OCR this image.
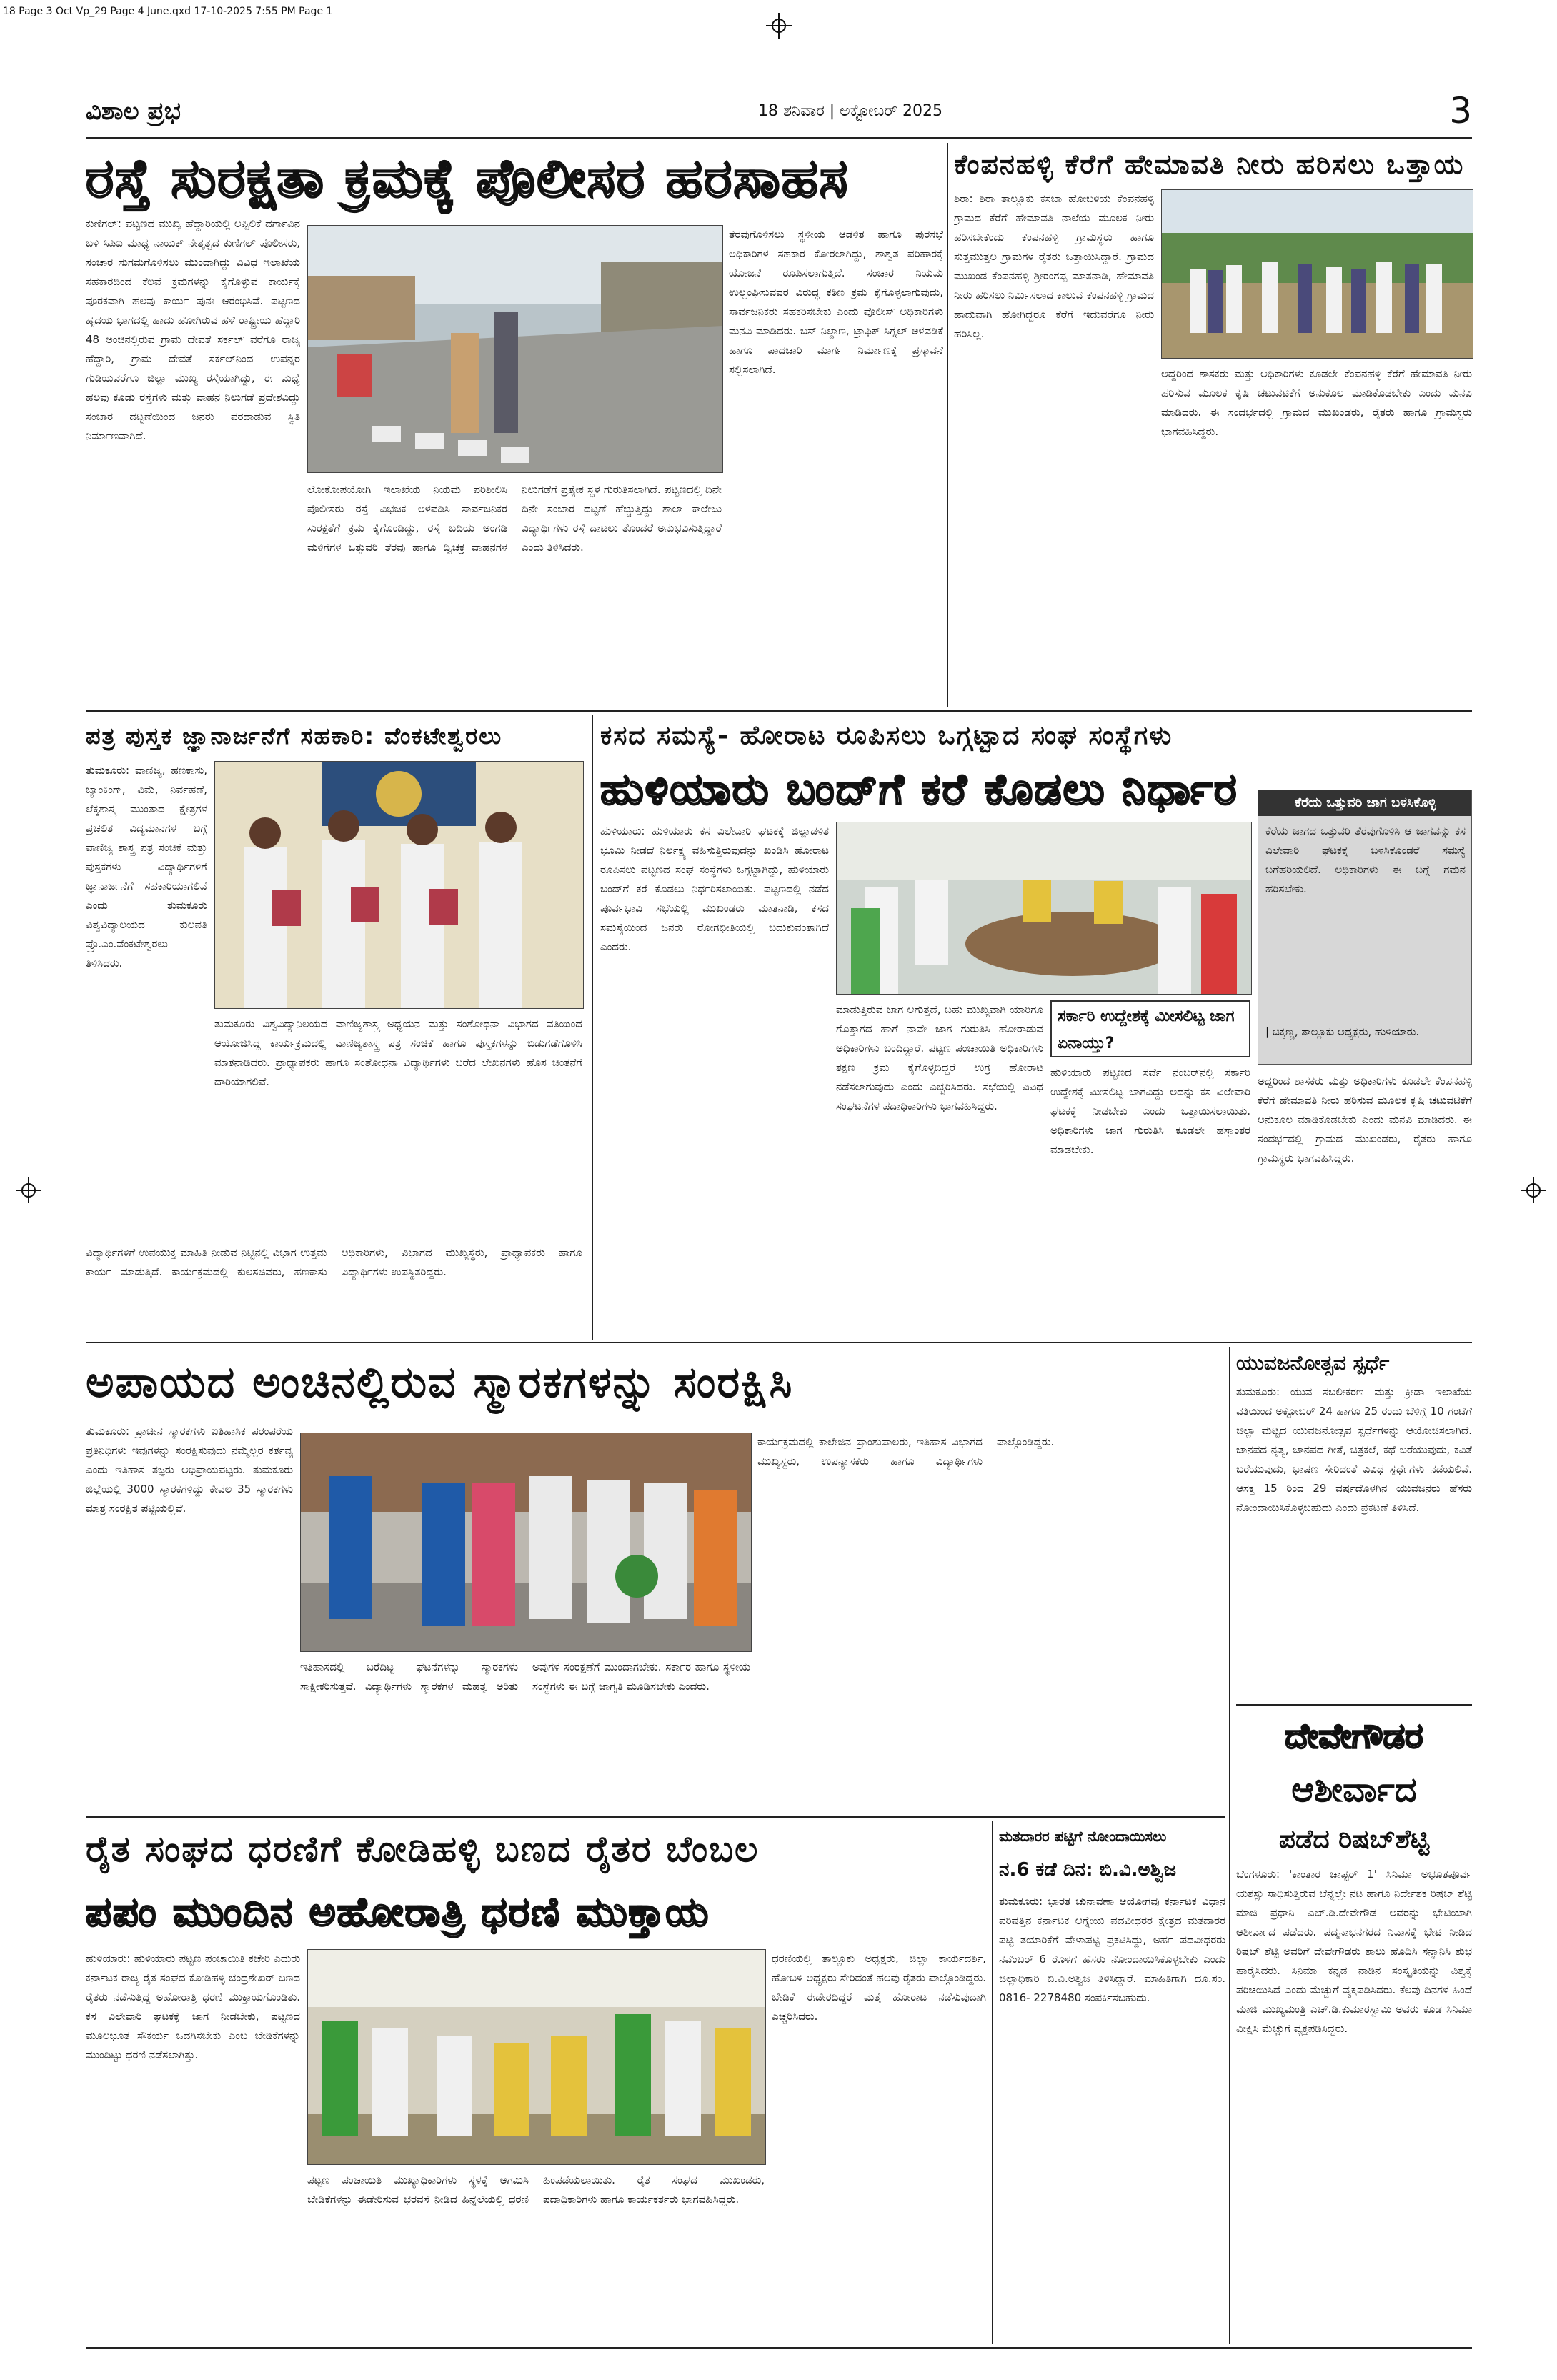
18 Page 3 Oct Vp_29 Page 4 June.qxd 17-10-2025 7:55 PM Page 1
ವಿಶಾಲ ಪ್ರಭ	18 ಶನಿವಾರ | ಅಕ್ಟೋಬರ್ 2025	3
ರಸ್ತೆ ಸುರಕ್ಷತಾ ಕ್ರಮಕ್ಕೆ ಪೊಲೀಸರ ಹರಸಾಹಸ
ಕುಣಿಗಲ್: ಪಟ್ಟಣದ ಮುಖ್ಯ ಹೆದ್ದಾರಿಯಲ್ಲಿ ಅಪ್ಪಿಲಿಕೆ ದರ್ಗಾವಿನ ಬಳಿ ಸಿಪಿಐ ಮಾಧ್ಯ ನಾಯಕ್ ನೇತೃತ್ವದ ಕುಣಿಗಲ್ ಪೊಲೀಸರು, ಸಂಚಾರ ಸುಗಮಗೊಳಿಸಲು ಮುಂದಾಗಿದ್ದು ವಿವಿಧ ಇಲಾಖೆಯ ಸಹಕಾರದಿಂದ ಕೆಲವೆ ಕ್ರಮಗಳನ್ನು ಕೈಗೊಳ್ಳುವ ಕಾರ್ಯಕ್ಕೆ ಪೂರಕವಾಗಿ ಹಲವು ಕಾರ್ಯ ಪುನಃ ಆರಂಭಿಸಿವೆ. ಪಟ್ಟಣದ ಹೃದಯ ಭಾಗದಲ್ಲಿ ಹಾದು ಹೋಗಿರುವ ಹಳೆ ರಾಷ್ಟ್ರೀಯ ಹೆದ್ದಾರಿ 48 ಅಂಚಿನಲ್ಲಿರುವ ಗ್ರಾಮ ದೇವತೆ ಸರ್ಕಲ್ ವರೆಗೂ ರಾಜ್ಯ ಹೆದ್ದಾರಿ, ಗ್ರಾಮ ದೇವತೆ ಸರ್ಕಲ್‌ನಿಂದ ಉಪನ್ನರ ಗುಡಿಯವರೆಗೂ ಜಿಲ್ಲಾ ಮುಖ್ಯ ರಸ್ತೆಯಾಗಿದ್ದು, ಈ ಮಧ್ಯೆ ಹಲವು ಕೂಡು ರಸ್ತೆಗಳು ಮತ್ತು ವಾಹನ ನಿಲುಗಡೆ ಪ್ರದೇಶವಿದ್ದು ಸಂಚಾರ ದಟ್ಟಣೆಯಿಂದ ಜನರು ಪರದಾಡುವ ಸ್ಥಿತಿ ನಿರ್ಮಾಣವಾಗಿದೆ.
ಲೋಕೋಪಯೋಗಿ ಇಲಾಖೆಯ ನಿಯಮ ಪರಿಶೀಲಿಸಿ ಪೊಲೀಸರು ರಸ್ತೆ ವಿಭಜಕ ಅಳವಡಿಸಿ ಸಾರ್ವಜನಿಕರ ಸುರಕ್ಷತೆಗೆ ಕ್ರಮ ಕೈಗೊಂಡಿದ್ದು, ರಸ್ತೆ ಬದಿಯ ಅಂಗಡಿ ಮಳಿಗೆಗಳ ಒತ್ತುವರಿ ತೆರವು ಹಾಗೂ ದ್ವಿಚಕ್ರ ವಾಹನಗಳ ನಿಲುಗಡೆಗೆ ಪ್ರತ್ಯೇಕ ಸ್ಥಳ ಗುರುತಿಸಲಾಗಿದೆ. ಪಟ್ಟಣದಲ್ಲಿ ದಿನೇ ದಿನೇ ಸಂಚಾರ ದಟ್ಟಣೆ ಹೆಚ್ಚುತ್ತಿದ್ದು ಶಾಲಾ ಕಾಲೇಜು ವಿದ್ಯಾರ್ಥಿಗಳು ರಸ್ತೆ ದಾಟಲು ತೊಂದರೆ ಅನುಭವಿಸುತ್ತಿದ್ದಾರೆ ಎಂದು ತಿಳಿಸಿದರು.
ತೆರವುಗೊಳಿಸಲು ಸ್ಥಳೀಯ ಆಡಳಿತ ಹಾಗೂ ಪುರಸಭೆ ಅಧಿಕಾರಿಗಳ ಸಹಕಾರ ಕೋರಲಾಗಿದ್ದು, ಶಾಶ್ವತ ಪರಿಹಾರಕ್ಕೆ ಯೋಜನೆ ರೂಪಿಸಲಾಗುತ್ತಿದೆ. ಸಂಚಾರ ನಿಯಮ ಉಲ್ಲಂಘಿಸುವವರ ವಿರುದ್ಧ ಕಠಿಣ ಕ್ರಮ ಕೈಗೊಳ್ಳಲಾಗುವುದು, ಸಾರ್ವಜನಿಕರು ಸಹಕರಿಸಬೇಕು ಎಂದು ಪೊಲೀಸ್ ಅಧಿಕಾರಿಗಳು ಮನವಿ ಮಾಡಿದರು. ಬಸ್ ನಿಲ್ದಾಣ, ಟ್ರಾಫಿಕ್ ಸಿಗ್ನಲ್ ಅಳವಡಿಕೆ ಹಾಗೂ ಪಾದಚಾರಿ ಮಾರ್ಗ ನಿರ್ಮಾಣಕ್ಕೆ ಪ್ರಸ್ತಾವನೆ ಸಲ್ಲಿಸಲಾಗಿದೆ.
ಕೆಂಪನಹಳ್ಳಿ ಕೆರೆಗೆ ಹೇಮಾವತಿ ನೀರು ಹರಿಸಲು ಒತ್ತಾಯ
ಶಿರಾ: ಶಿರಾ ತಾಲ್ಲೂಕು ಕಸಬಾ ಹೋಬಳಿಯ ಕೆಂಪನಹಳ್ಳಿ ಗ್ರಾಮದ ಕೆರೆಗೆ ಹೇಮಾವತಿ ನಾಲೆಯ ಮೂಲಕ ನೀರು ಹರಿಸಬೇಕೆಂದು ಕೆಂಪನಹಳ್ಳಿ ಗ್ರಾಮಸ್ಥರು ಹಾಗೂ ಸುತ್ತಮುತ್ತಲ ಗ್ರಾಮಗಳ ರೈತರು ಒತ್ತಾಯಿಸಿದ್ದಾರೆ. ಗ್ರಾಮದ ಮುಖಂಡ ಕೆಂಪನಹಳ್ಳಿ ಶ್ರೀರಂಗಪ್ಪ ಮಾತನಾಡಿ, ಹೇಮಾವತಿ ನೀರು ಹರಿಸಲು ನಿರ್ಮಿಸಲಾದ ಕಾಲುವೆ ಕೆಂಪನಹಳ್ಳಿ ಗ್ರಾಮದ ಹಾದುವಾಗಿ ಹೋಗಿದ್ದರೂ ಕೆರೆಗೆ ಇದುವರೆಗೂ ನೀರು ಹರಿಸಿಲ್ಲ.
ಅದ್ದರಿಂದ ಶಾಸಕರು ಮತ್ತು ಅಧಿಕಾರಿಗಳು ಕೂಡಲೇ ಕೆಂಪನಹಳ್ಳಿ ಕೆರೆಗೆ ಹೇಮಾವತಿ ನೀರು ಹರಿಸುವ ಮೂಲಕ ಕೃಷಿ ಚಟುವಟಿಕೆಗೆ ಅನುಕೂಲ ಮಾಡಿಕೊಡಬೇಕು ಎಂದು ಮನವಿ ಮಾಡಿದರು. ಈ ಸಂದರ್ಭದಲ್ಲಿ ಗ್ರಾಮದ ಮುಖಂಡರು, ರೈತರು ಹಾಗೂ ಗ್ರಾಮಸ್ಥರು ಭಾಗವಹಿಸಿದ್ದರು.
ಪತ್ರ ಪುಸ್ತಕ ಜ್ಞಾನಾರ್ಜನೆಗೆ ಸಹಕಾರಿ: ವೆಂಕಟೇಶ್ವರಲು
ತುಮಕೂರು: ವಾಣಿಜ್ಯ, ಹಣಕಾಸು, ಬ್ಯಾಂಕಿಂಗ್, ವಿಮೆ, ನಿರ್ವಹಣೆ, ಲೆಕ್ಕಶಾಸ್ತ್ರ ಮುಂತಾದ ಕ್ಷೇತ್ರಗಳ ಪ್ರಚಲಿತ ವಿದ್ಯಮಾನಗಳ ಬಗ್ಗೆ ವಾಣಿಜ್ಯ ಶಾಸ್ತ್ರ ಪತ್ರ ಸಂಚಿಕೆ ಮತ್ತು ಪುಸ್ತಕಗಳು ವಿದ್ಯಾರ್ಥಿಗಳಿಗೆ ಜ್ಞಾನಾರ್ಜನೆಗೆ ಸಹಕಾರಿಯಾಗಲಿವೆ ಎಂದು ತುಮಕೂರು ವಿಶ್ವವಿದ್ಯಾಲಯದ ಕುಲಪತಿ ಪ್ರೊ.ಎಂ.ವೆಂಕಟೇಶ್ವರಲು ತಿಳಿಸಿದರು.
ತುಮಕೂರು ವಿಶ್ವವಿದ್ಯಾನಿಲಯದ ವಾಣಿಜ್ಯಶಾಸ್ತ್ರ ಅಧ್ಯಯನ ಮತ್ತು ಸಂಶೋಧನಾ ವಿಭಾಗದ ವತಿಯಿಂದ ಆಯೋಜಿಸಿದ್ದ ಕಾರ್ಯಕ್ರಮದಲ್ಲಿ ವಾಣಿಜ್ಯಶಾಸ್ತ್ರ ಪತ್ರ ಸಂಚಿಕೆ ಹಾಗೂ ಪುಸ್ತಕಗಳನ್ನು ಬಿಡುಗಡೆಗೊಳಿಸಿ ಮಾತನಾಡಿದರು. ಪ್ರಾಧ್ಯಾಪಕರು ಹಾಗೂ ಸಂಶೋಧನಾ ವಿದ್ಯಾರ್ಥಿಗಳು ಬರೆದ ಲೇಖನಗಳು ಹೊಸ ಚಿಂತನೆಗೆ ದಾರಿಯಾಗಲಿವೆ.
ವಿದ್ಯಾರ್ಥಿಗಳಿಗೆ ಉಪಯುಕ್ತ ಮಾಹಿತಿ ನೀಡುವ ನಿಟ್ಟಿನಲ್ಲಿ ವಿಭಾಗ ಉತ್ತಮ ಕಾರ್ಯ ಮಾಡುತ್ತಿದೆ. ಕಾರ್ಯಕ್ರಮದಲ್ಲಿ ಕುಲಸಚಿವರು, ಹಣಕಾಸು ಅಧಿಕಾರಿಗಳು, ವಿಭಾಗದ ಮುಖ್ಯಸ್ಥರು, ಪ್ರಾಧ್ಯಾಪಕರು ಹಾಗೂ ವಿದ್ಯಾರ್ಥಿಗಳು ಉಪಸ್ಥಿತರಿದ್ದರು.
ಕಸದ ಸಮಸ್ಯೆ- ಹೋರಾಟ ರೂಪಿಸಲು ಒಗ್ಗಟ್ಟಾದ ಸಂಘ ಸಂಸ್ಥೆಗಳು
ಹುಳಿಯಾರು ಬಂದ್‌ಗೆ ಕರೆ ಕೊಡಲು ನಿರ್ಧಾರ
ಹುಳಿಯಾರು: ಹುಳಿಯಾರು ಕಸ ವಿಲೇವಾರಿ ಘಟಕಕ್ಕೆ ಜಿಲ್ಲಾಡಳಿತ ಭೂಮಿ ನೀಡದೆ ನಿರ್ಲಕ್ಷ್ಯ ವಹಿಸುತ್ತಿರುವುದನ್ನು ಖಂಡಿಸಿ ಹೋರಾಟ ರೂಪಿಸಲು ಪಟ್ಟಣದ ಸಂಘ ಸಂಸ್ಥೆಗಳು ಒಗ್ಗಟ್ಟಾಗಿದ್ದು, ಹುಳಿಯಾರು ಬಂದ್‌ಗೆ ಕರೆ ಕೊಡಲು ನಿರ್ಧರಿಸಲಾಯಿತು. ಪಟ್ಟಣದಲ್ಲಿ ನಡೆದ ಪೂರ್ವಭಾವಿ ಸಭೆಯಲ್ಲಿ ಮುಖಂಡರು ಮಾತನಾಡಿ, ಕಸದ ಸಮಸ್ಯೆಯಿಂದ ಜನರು ರೋಗಭೀತಿಯಲ್ಲಿ ಬದುಕುವಂತಾಗಿದೆ ಎಂದರು.
ಮಾಡುತ್ತಿರುವ ಜಾಗ ಆಗುತ್ತದೆ, ಬಹು ಮುಖ್ಯವಾಗಿ ಯಾರಿಗೂ ಗೊತ್ತಾಗದ ಹಾಗೆ ನಾವೇ ಜಾಗ ಗುರುತಿಸಿ ಹೋರಾಡುವ ಅಧಿಕಾರಿಗಳು ಬಂದಿದ್ದಾರೆ. ಪಟ್ಟಣ ಪಂಚಾಯಿತಿ ಅಧಿಕಾರಿಗಳು ತಕ್ಷಣ ಕ್ರಮ ಕೈಗೊಳ್ಳದಿದ್ದರೆ ಉಗ್ರ ಹೋರಾಟ ನಡೆಸಲಾಗುವುದು ಎಂದು ಎಚ್ಚರಿಸಿದರು. ಸಭೆಯಲ್ಲಿ ವಿವಿಧ ಸಂಘಟನೆಗಳ ಪದಾಧಿಕಾರಿಗಳು ಭಾಗವಹಿಸಿದ್ದರು.
ಸರ್ಕಾರಿ ಉದ್ದೇಶಕ್ಕೆ ಮೀಸಲಿಟ್ಟ ಜಾಗ ಏನಾಯ್ತು?
ಹುಳಿಯಾರು ಪಟ್ಟಣದ ಸರ್ವೆ ನಂಬರ್‌ನಲ್ಲಿ ಸರ್ಕಾರಿ ಉದ್ದೇಶಕ್ಕೆ ಮೀಸಲಿಟ್ಟ ಜಾಗವಿದ್ದು ಅದನ್ನು ಕಸ ವಿಲೇವಾರಿ ಘಟಕಕ್ಕೆ ನೀಡಬೇಕು ಎಂದು ಒತ್ತಾಯಿಸಲಾಯಿತು. ಅಧಿಕಾರಿಗಳು ಜಾಗ ಗುರುತಿಸಿ ಕೂಡಲೇ ಹಸ್ತಾಂತರ ಮಾಡಬೇಕು.
ಕೆರೆಯ ಒತ್ತುವರಿ ಜಾಗ ಬಳಸಿಕೊಳ್ಳಿ
ಕೆರೆಯ ಜಾಗದ ಒತ್ತುವರಿ ತೆರವುಗೊಳಿಸಿ ಆ ಜಾಗವನ್ನು ಕಸ ವಿಲೇವಾರಿ ಘಟಕಕ್ಕೆ ಬಳಸಿಕೊಂಡರೆ ಸಮಸ್ಯೆ ಬಗೆಹರಿಯಲಿದೆ. ಅಧಿಕಾರಿಗಳು ಈ ಬಗ್ಗೆ ಗಮನ ಹರಿಸಬೇಕು.
| ಚಿಕ್ಕಣ್ಣ, ತಾಲ್ಲೂಕು ಅಧ್ಯಕ್ಷರು, ಹುಳಿಯಾರು.
ಅದ್ದರಿಂದ ಶಾಸಕರು ಮತ್ತು ಅಧಿಕಾರಿಗಳು ಕೂಡಲೇ ಕೆಂಪನಹಳ್ಳಿ ಕೆರೆಗೆ ಹೇಮಾವತಿ ನೀರು ಹರಿಸುವ ಮೂಲಕ ಕೃಷಿ ಚಟುವಟಿಕೆಗೆ ಅನುಕೂಲ ಮಾಡಿಕೊಡಬೇಕು ಎಂದು ಮನವಿ ಮಾಡಿದರು. ಈ ಸಂದರ್ಭದಲ್ಲಿ ಗ್ರಾಮದ ಮುಖಂಡರು, ರೈತರು ಹಾಗೂ ಗ್ರಾಮಸ್ಥರು ಭಾಗವಹಿಸಿದ್ದರು.
ಅಪಾಯದ ಅಂಚಿನಲ್ಲಿರುವ ಸ್ಮಾರಕಗಳನ್ನು ಸಂರಕ್ಷಿಸಿ
ತುಮಕೂರು: ಪ್ರಾಚೀನ ಸ್ಮಾರಕಗಳು ಐತಿಹಾಸಿಕ ಪರಂಪರೆಯ ಪ್ರತಿನಿಧಿಗಳು ಇವುಗಳನ್ನು ಸಂರಕ್ಷಿಸುವುದು ನಮ್ಮೆಲ್ಲರ ಕರ್ತವ್ಯ ಎಂದು ಇತಿಹಾಸ ತಜ್ಞರು ಅಭಿಪ್ರಾಯಪಟ್ಟರು. ತುಮಕೂರು ಜಿಲ್ಲೆಯಲ್ಲಿ 3000 ಸ್ಮಾರಕಗಳಿದ್ದು ಕೇವಲ 35 ಸ್ಮಾರಕಗಳು ಮಾತ್ರ ಸಂರಕ್ಷಿತ ಪಟ್ಟಿಯಲ್ಲಿವೆ.
ಇತಿಹಾಸದಲ್ಲಿ ಬರೆದಿಟ್ಟ ಘಟನೆಗಳನ್ನು ಸ್ಮಾರಕಗಳು ಸಾಕ್ಷೀಕರಿಸುತ್ತವೆ. ವಿದ್ಯಾರ್ಥಿಗಳು ಸ್ಮಾರಕಗಳ ಮಹತ್ವ ಅರಿತು ಅವುಗಳ ಸಂರಕ್ಷಣೆಗೆ ಮುಂದಾಗಬೇಕು. ಸರ್ಕಾರ ಹಾಗೂ ಸ್ಥಳೀಯ ಸಂಸ್ಥೆಗಳು ಈ ಬಗ್ಗೆ ಜಾಗೃತಿ ಮೂಡಿಸಬೇಕು ಎಂದರು.
ಕಾರ್ಯಕ್ರಮದಲ್ಲಿ ಕಾಲೇಜಿನ ಪ್ರಾಂಶುಪಾಲರು, ಇತಿಹಾಸ ವಿಭಾಗದ ಮುಖ್ಯಸ್ಥರು, ಉಪನ್ಯಾಸಕರು ಹಾಗೂ ವಿದ್ಯಾರ್ಥಿಗಳು ಪಾಲ್ಗೊಂಡಿದ್ದರು.
ಯುವಜನೋತ್ಸವ ಸ್ಪರ್ಧೆ
ತುಮಕೂರು: ಯುವ ಸಬಲೀಕರಣ ಮತ್ತು ಕ್ರೀಡಾ ಇಲಾಖೆಯ ವತಿಯಿಂದ ಅಕ್ಟೋಬರ್ 24 ಹಾಗೂ 25 ರಂದು ಬೆಳಿಗ್ಗೆ 10 ಗಂಟೆಗೆ ಜಿಲ್ಲಾ ಮಟ್ಟದ ಯುವಜನೋತ್ಸವ ಸ್ಪರ್ಧೆಗಳನ್ನು ಆಯೋಜಿಸಲಾಗಿದೆ. ಜಾನಪದ ನೃತ್ಯ, ಜಾನಪದ ಗೀತೆ, ಚಿತ್ರಕಲೆ, ಕಥೆ ಬರೆಯುವುದು, ಕವಿತೆ ಬರೆಯುವುದು, ಭಾಷಣ ಸೇರಿದಂತೆ ವಿವಿಧ ಸ್ಪರ್ಧೆಗಳು ನಡೆಯಲಿವೆ. ಆಸಕ್ತ 15 ರಿಂದ 29 ವರ್ಷದೊಳಗಿನ ಯುವಜನರು ಹೆಸರು ನೋಂದಾಯಿಸಿಕೊಳ್ಳಬಹುದು ಎಂದು ಪ್ರಕಟಣೆ ತಿಳಿಸಿದೆ.
ದೇವೇಗೌಡರ
ಆಶೀರ್ವಾದ
ಪಡೆದ ರಿಷಬ್‌ಶೆಟ್ಟಿ
ಬೆಂಗಳೂರು: 'ಕಾಂತಾರ ಚಾಪ್ಟರ್ 1' ಸಿನಿಮಾ ಅಭೂತಪೂರ್ವ ಯಶಸ್ಸು ಸಾಧಿಸುತ್ತಿರುವ ಬೆನ್ನಲ್ಲೇ ನಟ ಹಾಗೂ ನಿರ್ದೇಶಕ ರಿಷಬ್ ಶೆಟ್ಟಿ ಮಾಜಿ ಪ್ರಧಾನಿ ಎಚ್.ಡಿ.ದೇವೇಗೌಡ ಅವರನ್ನು ಭೇಟಿಯಾಗಿ ಆಶೀರ್ವಾದ ಪಡೆದರು. ಪದ್ಮನಾಭನಗರದ ನಿವಾಸಕ್ಕೆ ಭೇಟಿ ನೀಡಿದ ರಿಷಬ್ ಶೆಟ್ಟಿ ಅವರಿಗೆ ದೇವೇಗೌಡರು ಶಾಲು ಹೊದಿಸಿ ಸನ್ಮಾನಿಸಿ ಶುಭ ಹಾರೈಸಿದರು. ಸಿನಿಮಾ ಕನ್ನಡ ನಾಡಿನ ಸಂಸ್ಕೃತಿಯನ್ನು ವಿಶ್ವಕ್ಕೆ ಪರಿಚಯಿಸಿದೆ ಎಂದು ಮೆಚ್ಚುಗೆ ವ್ಯಕ್ತಪಡಿಸಿದರು. ಕೆಲವು ದಿನಗಳ ಹಿಂದೆ ಮಾಜಿ ಮುಖ್ಯಮಂತ್ರಿ ಎಚ್.ಡಿ.ಕುಮಾರಸ್ವಾಮಿ ಅವರು ಕೂಡ ಸಿನಿಮಾ ವೀಕ್ಷಿಸಿ ಮೆಚ್ಚುಗೆ ವ್ಯಕ್ತಪಡಿಸಿದ್ದರು.
ರೈತ ಸಂಘದ ಧರಣಿಗೆ ಕೋಡಿಹಳ್ಳಿ ಬಣದ ರೈತರ ಬೆಂಬಲ
ಪಪಂ ಮುಂದಿನ ಅಹೋರಾತ್ರಿ ಧರಣಿ ಮುಕ್ತಾಯ
ಹುಳಿಯಾರು: ಹುಳಿಯಾರು ಪಟ್ಟಣ ಪಂಚಾಯಿತಿ ಕಚೇರಿ ಎದುರು ಕರ್ನಾಟಕ ರಾಜ್ಯ ರೈತ ಸಂಘದ ಕೋಡಿಹಳ್ಳಿ ಚಂದ್ರಶೇಖರ್ ಬಣದ ರೈತರು ನಡೆಸುತ್ತಿದ್ದ ಅಹೋರಾತ್ರಿ ಧರಣಿ ಮುಕ್ತಾಯಗೊಂಡಿತು. ಕಸ ವಿಲೇವಾರಿ ಘಟಕಕ್ಕೆ ಜಾಗ ನೀಡಬೇಕು, ಪಟ್ಟಣದ ಮೂಲಭೂತ ಸೌಕರ್ಯ ಒದಗಿಸಬೇಕು ಎಂಬ ಬೇಡಿಕೆಗಳನ್ನು ಮುಂದಿಟ್ಟು ಧರಣಿ ನಡೆಸಲಾಗಿತ್ತು.
ಪಟ್ಟಣ ಪಂಚಾಯಿತಿ ಮುಖ್ಯಾಧಿಕಾರಿಗಳು ಸ್ಥಳಕ್ಕೆ ಆಗಮಿಸಿ ಬೇಡಿಕೆಗಳನ್ನು ಈಡೇರಿಸುವ ಭರವಸೆ ನೀಡಿದ ಹಿನ್ನೆಲೆಯಲ್ಲಿ ಧರಣಿ ಹಿಂಪಡೆಯಲಾಯಿತು. ರೈತ ಸಂಘದ ಮುಖಂಡರು, ಪದಾಧಿಕಾರಿಗಳು ಹಾಗೂ ಕಾರ್ಯಕರ್ತರು ಭಾಗವಹಿಸಿದ್ದರು.
ಧರಣಿಯಲ್ಲಿ ತಾಲ್ಲೂಕು ಅಧ್ಯಕ್ಷರು, ಜಿಲ್ಲಾ ಕಾರ್ಯದರ್ಶಿ, ಹೋಬಳಿ ಅಧ್ಯಕ್ಷರು ಸೇರಿದಂತೆ ಹಲವು ರೈತರು ಪಾಲ್ಗೊಂಡಿದ್ದರು. ಬೇಡಿಕೆ ಈಡೇರದಿದ್ದರೆ ಮತ್ತೆ ಹೋರಾಟ ನಡೆಸುವುದಾಗಿ ಎಚ್ಚರಿಸಿದರು.
ಮತದಾರರ ಪಟ್ಟಿಗೆ ನೋಂದಾಯಿಸಲು
ನ.6 ಕಡೆ ದಿನ: ಬಿ.ವಿ.ಅಶ್ವಿಜ
ತುಮಕೂರು: ಭಾರತ ಚುನಾವಣಾ ಆಯೋಗವು ಕರ್ನಾಟಕ ವಿಧಾನ ಪರಿಷತ್ತಿನ ಕರ್ನಾಟಕ ಆಗ್ನೇಯ ಪದವೀಧರರ ಕ್ಷೇತ್ರದ ಮತದಾರರ ಪಟ್ಟಿ ತಯಾರಿಕೆಗೆ ವೇಳಾಪಟ್ಟಿ ಪ್ರಕಟಿಸಿದ್ದು, ಅರ್ಹ ಪದವೀಧರರು ನವೆಂಬರ್ 6 ರೊಳಗೆ ಹೆಸರು ನೋಂದಾಯಿಸಿಕೊಳ್ಳಬೇಕು ಎಂದು ಜಿಲ್ಲಾಧಿಕಾರಿ ಬಿ.ವಿ.ಅಶ್ವಿಜ ತಿಳಿಸಿದ್ದಾರೆ. ಮಾಹಿತಿಗಾಗಿ ದೂ.ಸಂ. 0816- 2278480 ಸಂಪರ್ಕಿಸಬಹುದು.
